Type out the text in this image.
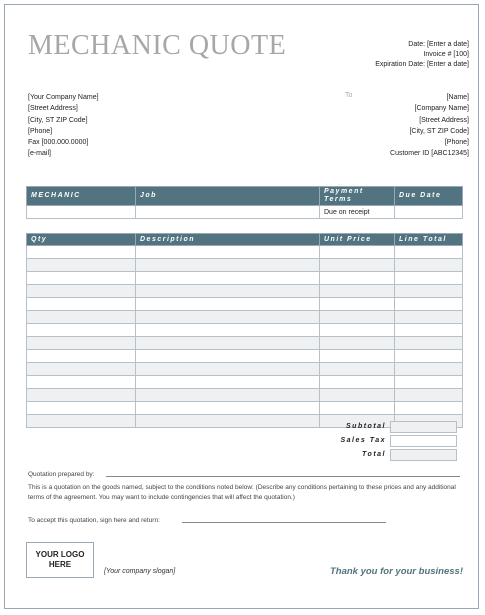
MECHANIC QUOTE	Date: [Enter a date]
Invoice # [100]
Expiration Date: [Enter a date]
[Your Company Name]
[Street Address]
[City, ST ZIP Code]
[Phone]
Fax [000.000.0000]
[e-mail]
To	[Name]
[Company Name]
[Street Address]
[City, ST ZIP Code]
[Phone]
Customer ID [ABC12345]
MECHANIC	Job	Payment Terms	Due Date
		Due on receipt	
Qty	Description	Unit Price	Line Total

Subtotal
Sales Tax
Total
Quotation prepared by:
This is a quotation on the goods named, subject to the conditions noted below: (Describe any conditions pertaining to these prices and any additional terms of the agreement. You may want to include contingencies that will affect the quotation.)
To accept this quotation, sign here and return:
YOUR LOGO
HERE
[Your company slogan]	Thank you for your business!
